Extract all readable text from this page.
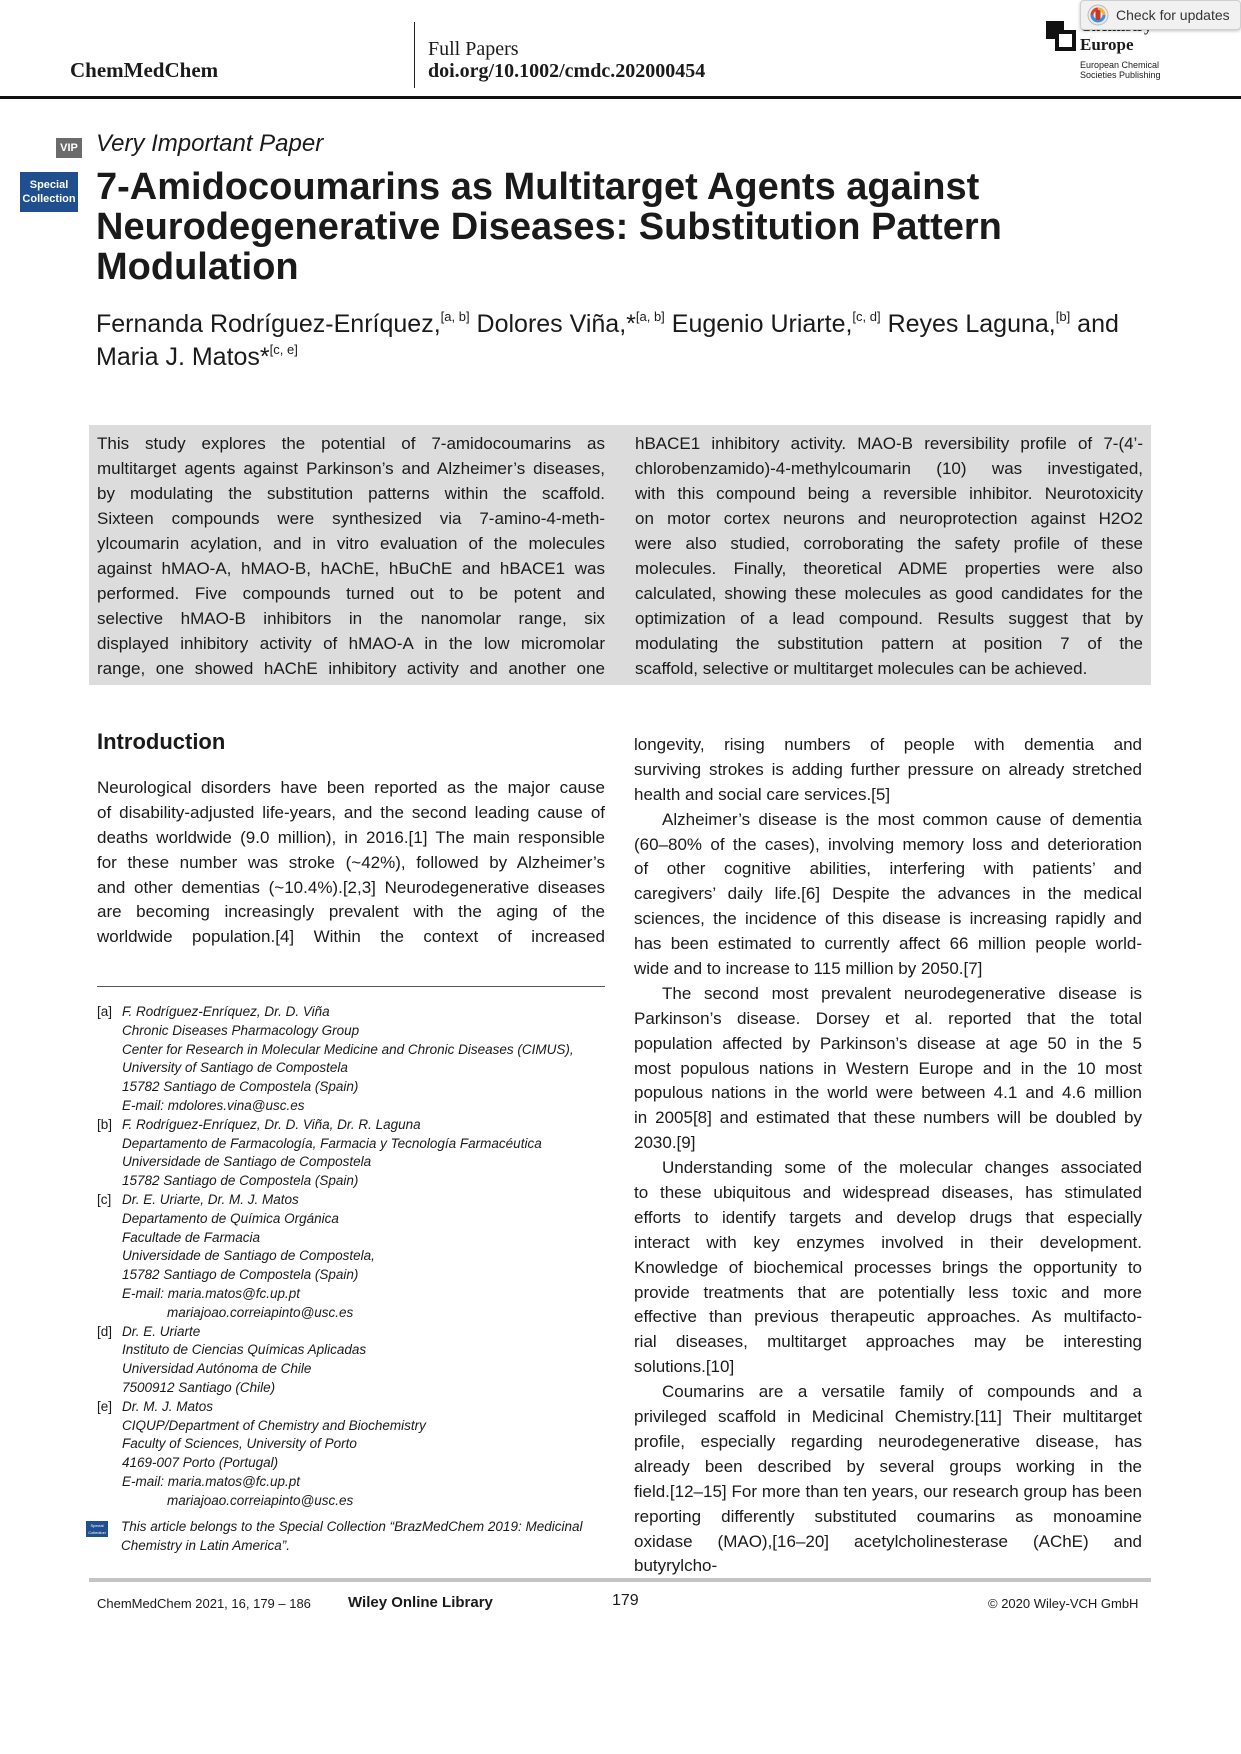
ChemMedChem
Full Papers
doi.org/10.1002/cmdc.202000454
Europe
European Chemical Societies Publishing
Check for updates
VIP Very Important Paper
Special Collection 7-Amidocoumarins as Multitarget Agents against
Neurodegenerative Diseases: Substitution Pattern
Modulation
Fernanda Rodríguez-Enríquez,[a, b] Dolores Viña,*[a, b] Eugenio Uriarte,[c, d] Reyes Laguna,[b] and
Maria J. Matos*[c, e]
This study explores the potential of 7-amidocoumarins as
multitarget agents against Parkinson’s and Alzheimer’s diseases,
by modulating the substitution patterns within the scaffold.
Sixteen compounds were synthesized via 7-amino-4-meth-
ylcoumarin acylation, and in vitro evaluation of the molecules
against hMAO-A, hMAO-B, hAChE, hBuChE and hBACE1 was
performed. Five compounds turned out to be potent and
selective hMAO-B inhibitors in the nanomolar range, six
displayed inhibitory activity of hMAO-A in the low micromolar
range, one showed hAChE inhibitory activity and another one
hBACE1 inhibitory activity. MAO-B reversibility profile of 7-(4’-
chlorobenzamido)-4-methylcoumarin (10) was investigated,
with this compound being a reversible inhibitor. Neurotoxicity
on motor cortex neurons and neuroprotection against H2O2
were also studied, corroborating the safety profile of these
molecules. Finally, theoretical ADME properties were also
calculated, showing these molecules as good candidates for the
optimization of a lead compound. Results suggest that by
modulating the substitution pattern at position 7 of the
scaffold, selective or multitarget molecules can be achieved.
Introduction
Neurological disorders have been reported as the major cause
of disability-adjusted life-years, and the second leading cause of
deaths worldwide (9.0 million), in 2016.[1] The main responsible
for these number was stroke (~42%), followed by Alzheimer’s
and other dementias (~10.4%).[2,3] Neurodegenerative diseases
are becoming increasingly prevalent with the aging of the
worldwide population.[4] Within the context of increased
[a] F. Rodríguez-Enríquez, Dr. D. Viña
Chronic Diseases Pharmacology Group
Center for Research in Molecular Medicine and Chronic Diseases (CIMUS),
University of Santiago de Compostela
15782 Santiago de Compostela (Spain)
E-mail: mdolores.vina@usc.es
[b] F. Rodríguez-Enríquez, Dr. D. Viña, Dr. R. Laguna
Departamento de Farmacología, Farmacia y Tecnología Farmacéutica
Universidade de Santiago de Compostela
15782 Santiago de Compostela (Spain)
[c] Dr. E. Uriarte, Dr. M. J. Matos
Departamento de Química Orgánica
Facultade de Farmacia
Universidade de Santiago de Compostela,
15782 Santiago de Compostela (Spain)
E-mail: maria.matos@fc.up.pt
mariajoao.correiapinto@usc.es
[d] Dr. E. Uriarte
Instituto de Ciencias Químicas Aplicadas
Universidad Autónoma de Chile
7500912 Santiago (Chile)
[e] Dr. M. J. Matos
CIQUP/Department of Chemistry and Biochemistry
Faculty of Sciences, University of Porto
4169-007 Porto (Portugal)
E-mail: maria.matos@fc.up.pt
mariajoao.correiapinto@usc.es
Special Collection	This article belongs to the Special Collection “BrazMedChem 2019: Medicinal
Chemistry in Latin America”.
longevity, rising numbers of people with dementia and
surviving strokes is adding further pressure on already stretched
health and social care services.[5]
Alzheimer’s disease is the most common cause of dementia
(60–80% of the cases), involving memory loss and deterioration
of other cognitive abilities, interfering with patients’ and
caregivers’ daily life.[6] Despite the advances in the medical
sciences, the incidence of this disease is increasing rapidly and
has been estimated to currently affect 66 million people world-
wide and to increase to 115 million by 2050.[7]
The second most prevalent neurodegenerative disease is
Parkinson’s disease. Dorsey et al. reported that the total
population affected by Parkinson’s disease at age 50 in the 5
most populous nations in Western Europe and in the 10 most
populous nations in the world were between 4.1 and 4.6 million
in 2005[8] and estimated that these numbers will be doubled by
2030.[9]
Understanding some of the molecular changes associated
to these ubiquitous and widespread diseases, has stimulated
efforts to identify targets and develop drugs that especially
interact with key enzymes involved in their development.
Knowledge of biochemical processes brings the opportunity to
provide treatments that are potentially less toxic and more
effective than previous therapeutic approaches. As multifacto-
rial diseases, multitarget approaches may be interesting
solutions.[10]
Coumarins are a versatile family of compounds and a
privileged scaffold in Medicinal Chemistry.[11] Their multitarget
profile, especially regarding neurodegenerative disease, has
already been described by several groups working in the
field.[12–15] For more than ten years, our research group has been
reporting differently substituted coumarins as monoamine
oxidase (MAO),[16–20] acetylcholinesterase (AChE) and butyrylcho-
ChemMedChem 2021, 16, 179 – 186 Wiley Online Library	179	© 2020 Wiley-VCH GmbH
